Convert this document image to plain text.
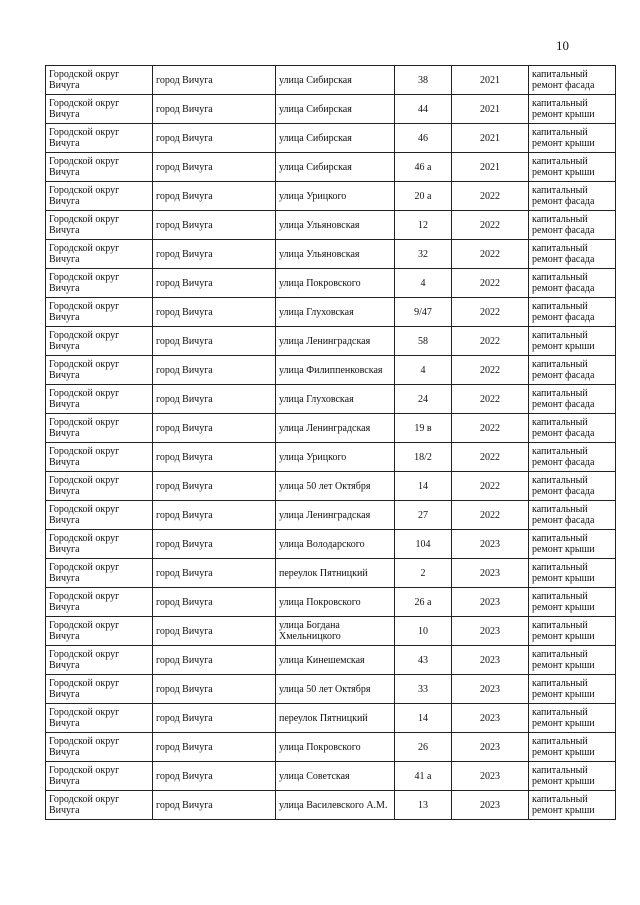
10
Городской округ Вичуга	город Вичуга	улица Сибирская	38	2021	капитальный ремонт фасада
Городской округ Вичуга	город Вичуга	улица Сибирская	44	2021	капитальный ремонт крыши
Городской округ Вичуга	город Вичуга	улица Сибирская	46	2021	капитальный ремонт крыши
Городской округ Вичуга	город Вичуга	улица Сибирская	46 а	2021	капитальный ремонт крыши
Городской округ Вичуга	город Вичуга	улица Урицкого	20 а	2022	капитальный ремонт фасада
Городской округ Вичуга	город Вичуга	улица Ульяновская	12	2022	капитальный ремонт фасада
Городской округ Вичуга	город Вичуга	улица Ульяновская	32	2022	капитальный ремонт фасада
Городской округ Вичуга	город Вичуга	улица Покровского	4	2022	капитальный ремонт фасада
Городской округ Вичуга	город Вичуга	улица Глуховская	9/47	2022	капитальный ремонт фасада
Городской округ Вичуга	город Вичуга	улица Ленинградская	58	2022	капитальный ремонт крыши
Городской округ Вичуга	город Вичуга	улица Филиппенковская	4	2022	капитальный ремонт фасада
Городской округ Вичуга	город Вичуга	улица Глуховская	24	2022	капитальный ремонт фасада
Городской округ Вичуга	город Вичуга	улица Ленинградская	19 в	2022	капитальный ремонт фасада
Городской округ Вичуга	город Вичуга	улица Урицкого	18/2	2022	капитальный ремонт фасада
Городской округ Вичуга	город Вичуга	улица 50 лет Октября	14	2022	капитальный ремонт фасада
Городской округ Вичуга	город Вичуга	улица Ленинградская	27	2022	капитальный ремонт фасада
Городской округ Вичуга	город Вичуга	улица Володарского	104	2023	капитальный ремонт крыши
Городской округ Вичуга	город Вичуга	переулок Пятницкий	2	2023	капитальный ремонт крыши
Городской округ Вичуга	город Вичуга	улица Покровского	26 а	2023	капитальный ремонт крыши
Городской округ Вичуга	город Вичуга	улица Богдана Хмельницкого	10	2023	капитальный ремонт крыши
Городской округ Вичуга	город Вичуга	улица Кинешемская	43	2023	капитальный ремонт крыши
Городской округ Вичуга	город Вичуга	улица 50 лет Октября	33	2023	капитальный ремонт крыши
Городской округ Вичуга	город Вичуга	переулок Пятницкий	14	2023	капитальный ремонт крыши
Городской округ Вичуга	город Вичуга	улица Покровского	26	2023	капитальный ремонт крыши
Городской округ Вичуга	город Вичуга	улица Советская	41 а	2023	капитальный ремонт крыши
Городской округ Вичуга	город Вичуга	улица Василевского А.М.	13	2023	капитальный ремонт крыши
